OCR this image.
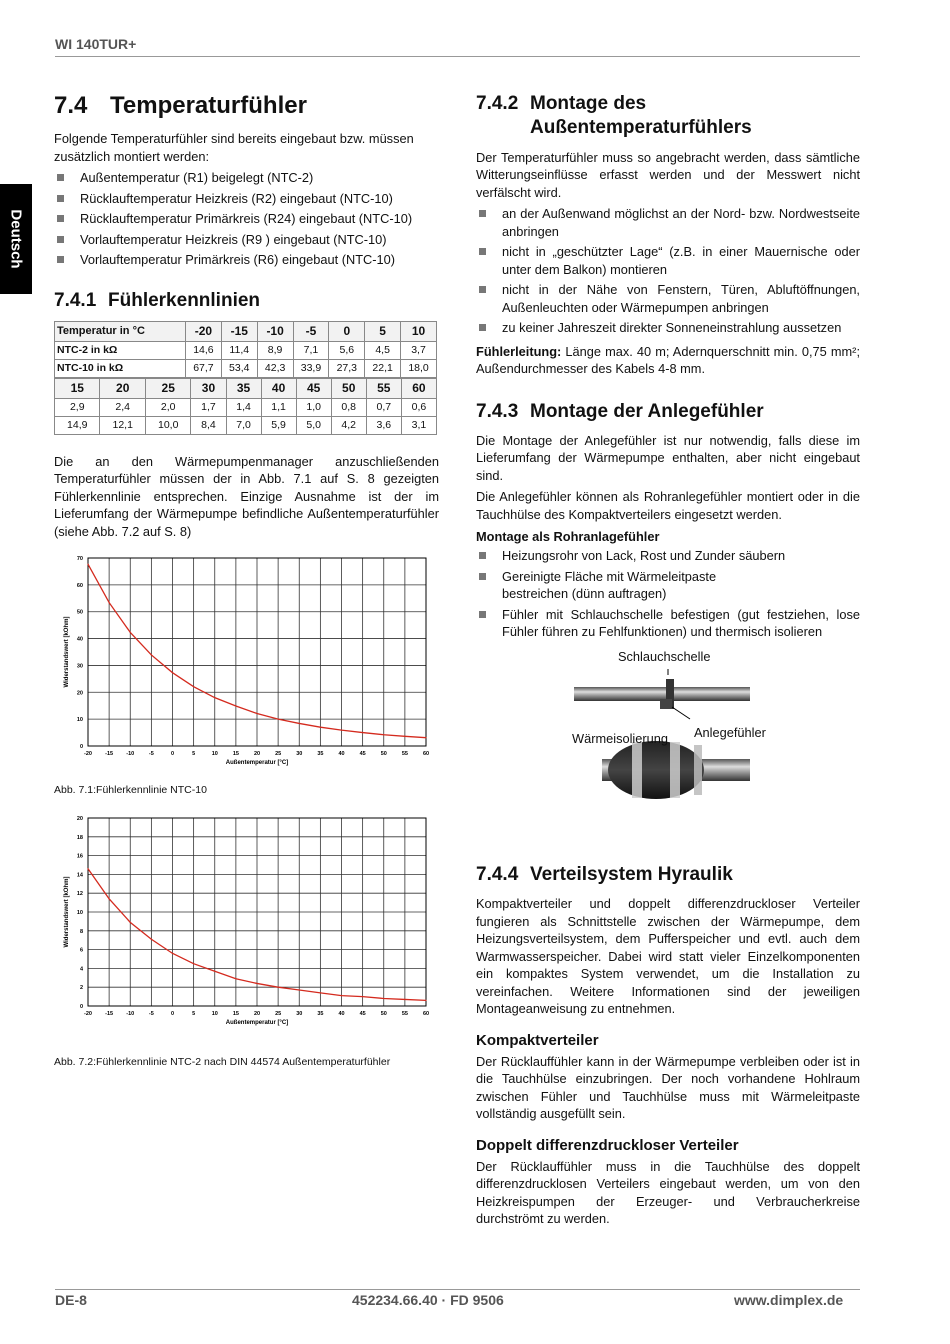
WI 140TUR+
Deutsch
7.4 Temperaturfühler

Folgende Temperaturfühler sind bereits eingebaut bzw. müssen zusätzlich montiert werden:

Außentemperatur (R1) beigelegt (NTC-2)
Rücklauftemperatur Heizkreis (R2) eingebaut (NTC-10)
Rücklauftemperatur Primärkreis (R24) eingebaut (NTC-10)
Vorlauftemperatur Heizkreis (R9 ) eingebaut (NTC-10)
Vorlauftemperatur Primärkreis (R6) eingebaut (NTC-10)
7.4.1 Fühlerkennlinien
Temperatur in °C	-20	-15	-10	-5	0	5	10
NTC-2 in kΩ	14,6	11,4	8,9	7,1	5,6	4,5	3,7
NTC-10 in kΩ	67,7	53,4	42,3	33,9	27,3	22,1	18,0
15	20	25	30	35	40	45	50	55	60
2,9	2,4	2,0	1,7	1,4	1,1	1,0	0,8	0,7	0,6
14,9	12,1	10,0	8,4	7,0	5,9	5,0	4,2	3,6	3,1

Die an den Wärmepumpenmanager anzuschließenden Temperaturfühler müssen der in Abb. 7.1 auf S. 8 gezeigten Fühlerkennlinie entsprechen. Einzige Ausnahme ist der im Lieferumfang der Wärmepumpe befindliche Außentemperaturfühler (siehe Abb. 7.2 auf S. 8)

-20 -15 -10	-5	0	5	10	15	20	25	30	35	40	45	50	55	60
0
10
20
30
40
50
60
70
Außentemperatur [°C]
Widerstandswert [kOhm]
Abb. 7.1:Fühlerkennlinie NTC-10
-20 -15 -10	-5	0	5	10	15	20	25	30	35	40	45	50	55	60
0
2
4
6
8
10
12
14
16
18
20
Außentemperatur [°C]
Widerstandswert [kOhm]
Abb. 7.2:Fühlerkennlinie NTC-2 nach DIN 44574 Außentemperaturfühler
7.4.2 Montage des
Außentemperaturfühlers

Der Temperaturfühler muss so angebracht werden, dass sämtliche Witterungseinflüsse erfasst werden und der Messwert nicht verfälscht wird.

an der Außenwand möglichst an der Nord- bzw. Nordwestseite anbringen
nicht in „geschützter Lage“ (z.B. in einer Mauernische oder unter dem Balkon) montieren
nicht in der Nähe von Fenstern, Türen, Abluftöffnungen, Außenleuchten oder Wärmepumpen anbringen
zu keiner Jahreszeit direkter Sonneneinstrahlung aussetzen

Fühlerleitung: Länge max. 40 m; Adernquerschnitt min. 0,75 mm²; Außendurchmesser des Kabels 4-8 mm.

7.4.3 Montage der Anlegefühler

Die Montage der Anlegefühler ist nur notwendig, falls diese im Lieferumfang der Wärmepumpe enthalten, aber nicht eingebaut sind.

Die Anlegefühler können als Rohranlegefühler montiert oder in die Tauchhülse des Kompaktverteilers eingesetzt werden.

Montage als Rohranlagefühler
Heizungsrohr von Lack, Rost und Zunder säubern
Gereinigte Fläche mit Wärmeleitpaste bestreichen (dünn auftragen)
Fühler mit Schlauchschelle befestigen (gut festziehen, lose Fühler führen zu Fehlfunktionen) und thermisch isolieren
Schlauchschelle
Wärmeisolierung Anlegefühler
7.4.4 Verteilsystem Hyraulik

Kompaktverteiler und doppelt differenzdruckloser Verteiler fungieren als Schnittstelle zwischen der Wärmepumpe, dem Heizungsverteilsystem, dem Pufferspeicher und evtl. auch dem Warmwasserspeicher. Dabei wird statt vieler Einzelkomponenten ein kompaktes System verwendet, um die Installation zu vereinfachen. Weitere Informationen sind der jeweiligen Montageanweisung zu entnehmen.

Kompaktverteiler

Der Rücklauffühler kann in der Wärmepumpe verbleiben oder ist in die Tauchhülse einzubringen. Der noch vorhandene Hohlraum zwischen Fühler und Tauchhülse muss mit Wärmeleitpaste vollständig ausgefüllt sein.

Doppelt differenzdruckloser Verteiler

Der Rücklauffühler muss in die Tauchhülse des doppelt differenzdrucklosen Verteilers eingebaut werden, um von den Heizkreispumpen der Erzeuger- und Verbraucherkreise durchströmt zu werden.

DE-8	452234.66.40 · FD 9506	www.dimplex.de
